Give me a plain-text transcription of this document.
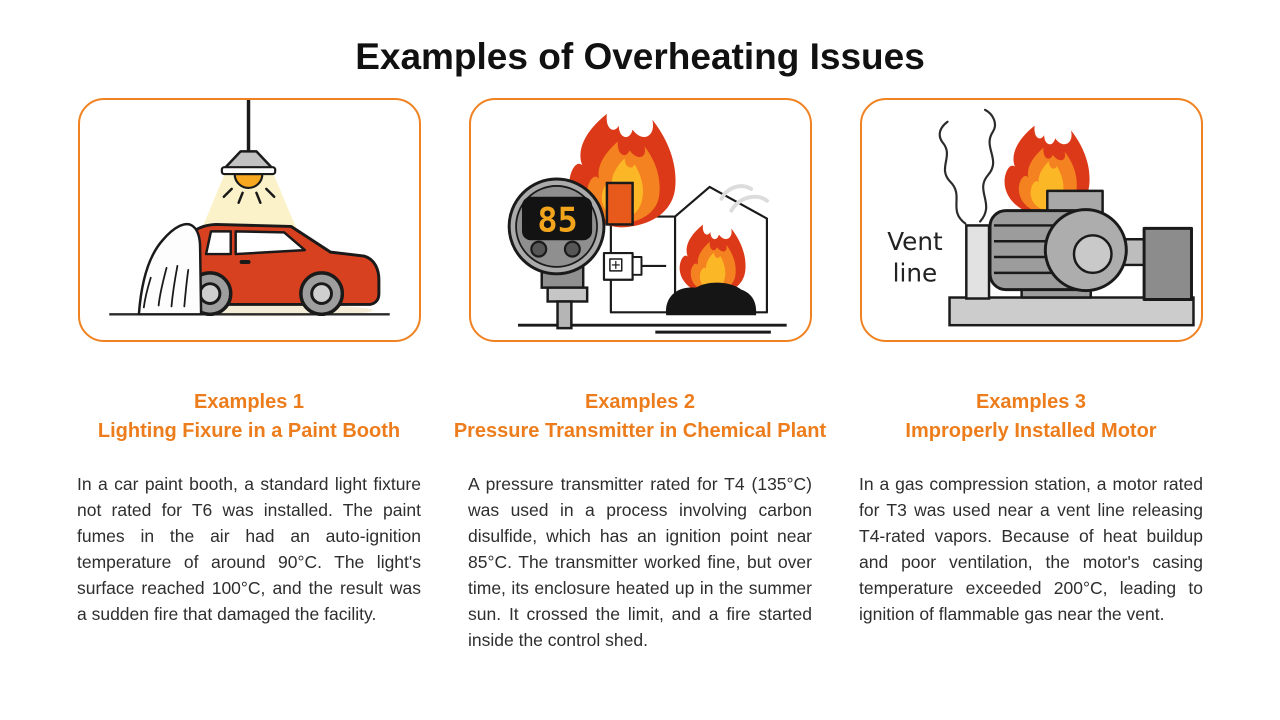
Examples of Overheating Issues
Examples 1
Lighting Fixure in a Paint Booth

In a car paint booth, a standard light fixture not rated for T6 was installed. The paint fumes in the air had an auto-ignition temperature of around 90°C. The light's surface reached 100°C, and the result was a sudden fire that damaged the facility.

85
Examples 2
Pressure Transmitter in Chemical Plant

A pressure transmitter rated for T4 (135°C) was used in a process involving carbon disulfide, which has an ignition point near 85°C. The transmitter worked fine, but over time, its enclosure heated up in the summer sun. It crossed the limit, and a fire started inside the control shed.

Vent
line
Examples 3
Improperly Installed Motor

In a gas compression station, a motor rated for T3 was used near a vent line releasing T4-rated vapors. Because of heat buildup and poor ventilation, the motor's casing temperature exceeded 200°C, leading to ignition of flammable gas near the vent.
